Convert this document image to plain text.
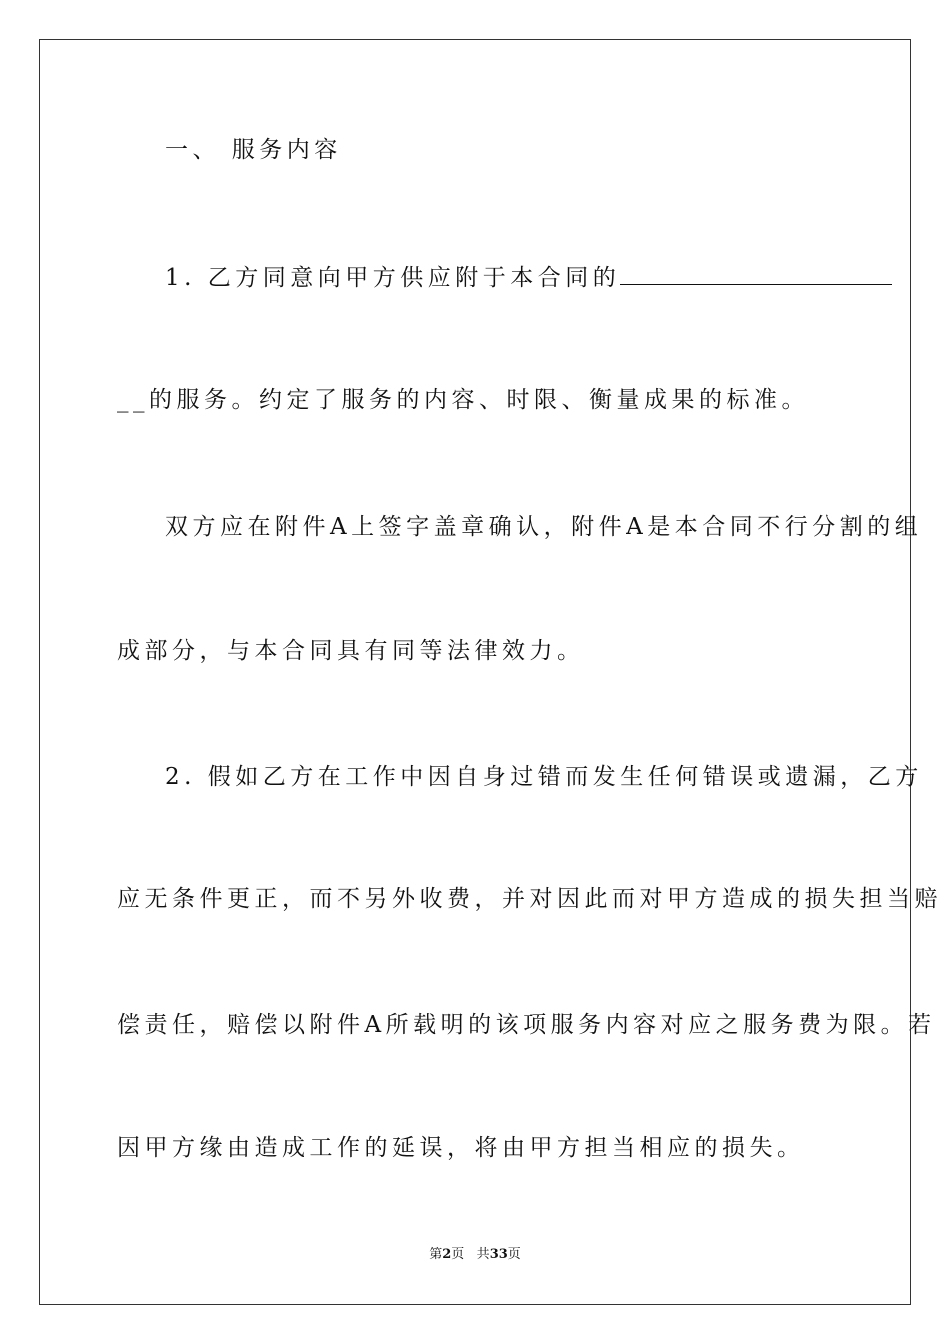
一、 服务内容
1. 乙方同意向甲方供应附于本合同的
__的服务。约定了服务的内容、时限、衡量成果的标准。
双方应在附件A上签字盖章确认，附件A是本合同不行分割的组
成部分，与本合同具有同等法律效力。
2. 假如乙方在工作中因自身过错而发生任何错误或遗漏，乙方
应无条件更正，而不另外收费，并对因此而对甲方造成的损失担当赔
偿责任，赔偿以附件A所载明的该项服务内容对应之服务费为限。若
因甲方缘由造成工作的延误，将由甲方担当相应的损失。
第2页 共33页
